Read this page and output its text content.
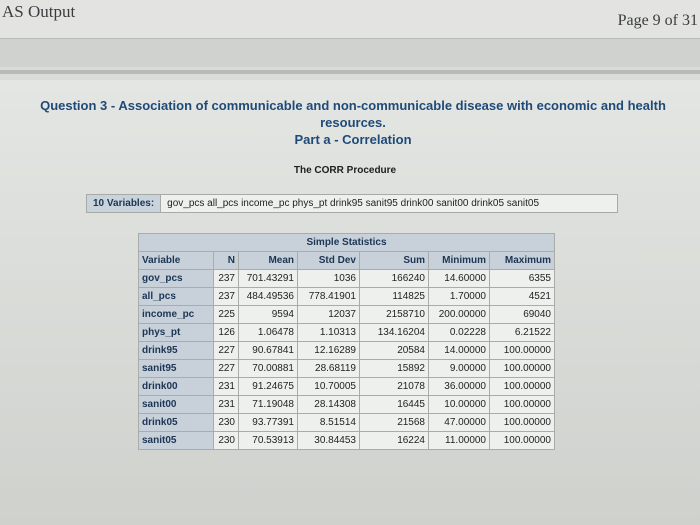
AS Output	Page 9 of 31
Question 3 - Association of communicable and non-communicable disease with economic and health
resources.
Part a - Correlation
The CORR Procedure
10 Variables:	gov_pcs all_pcs income_pc phys_pt drink95 sanit95 drink00 sanit00 drink05 sanit05
Simple Statistics						
Variable	N	Mean	Std Dev	Sum	Minimum	Maximum
gov_pcs	237	701.43291	1036	166240	14.60000	6355
all_pcs	237	484.49536	778.41901	114825	1.70000	4521
income_pc	225	9594	12037	2158710	200.00000	69040
phys_pt	126	1.06478	1.10313	134.16204	0.02228	6.21522
drink95	227	90.67841	12.16289	20584	14.00000	100.00000
sanit95	227	70.00881	28.68119	15892	9.00000	100.00000
drink00	231	91.24675	10.70005	21078	36.00000	100.00000
sanit00	231	71.19048	28.14308	16445	10.00000	100.00000
drink05	230	93.77391	8.51514	21568	47.00000	100.00000
sanit05	230	70.53913	30.84453	16224	11.00000	100.00000
